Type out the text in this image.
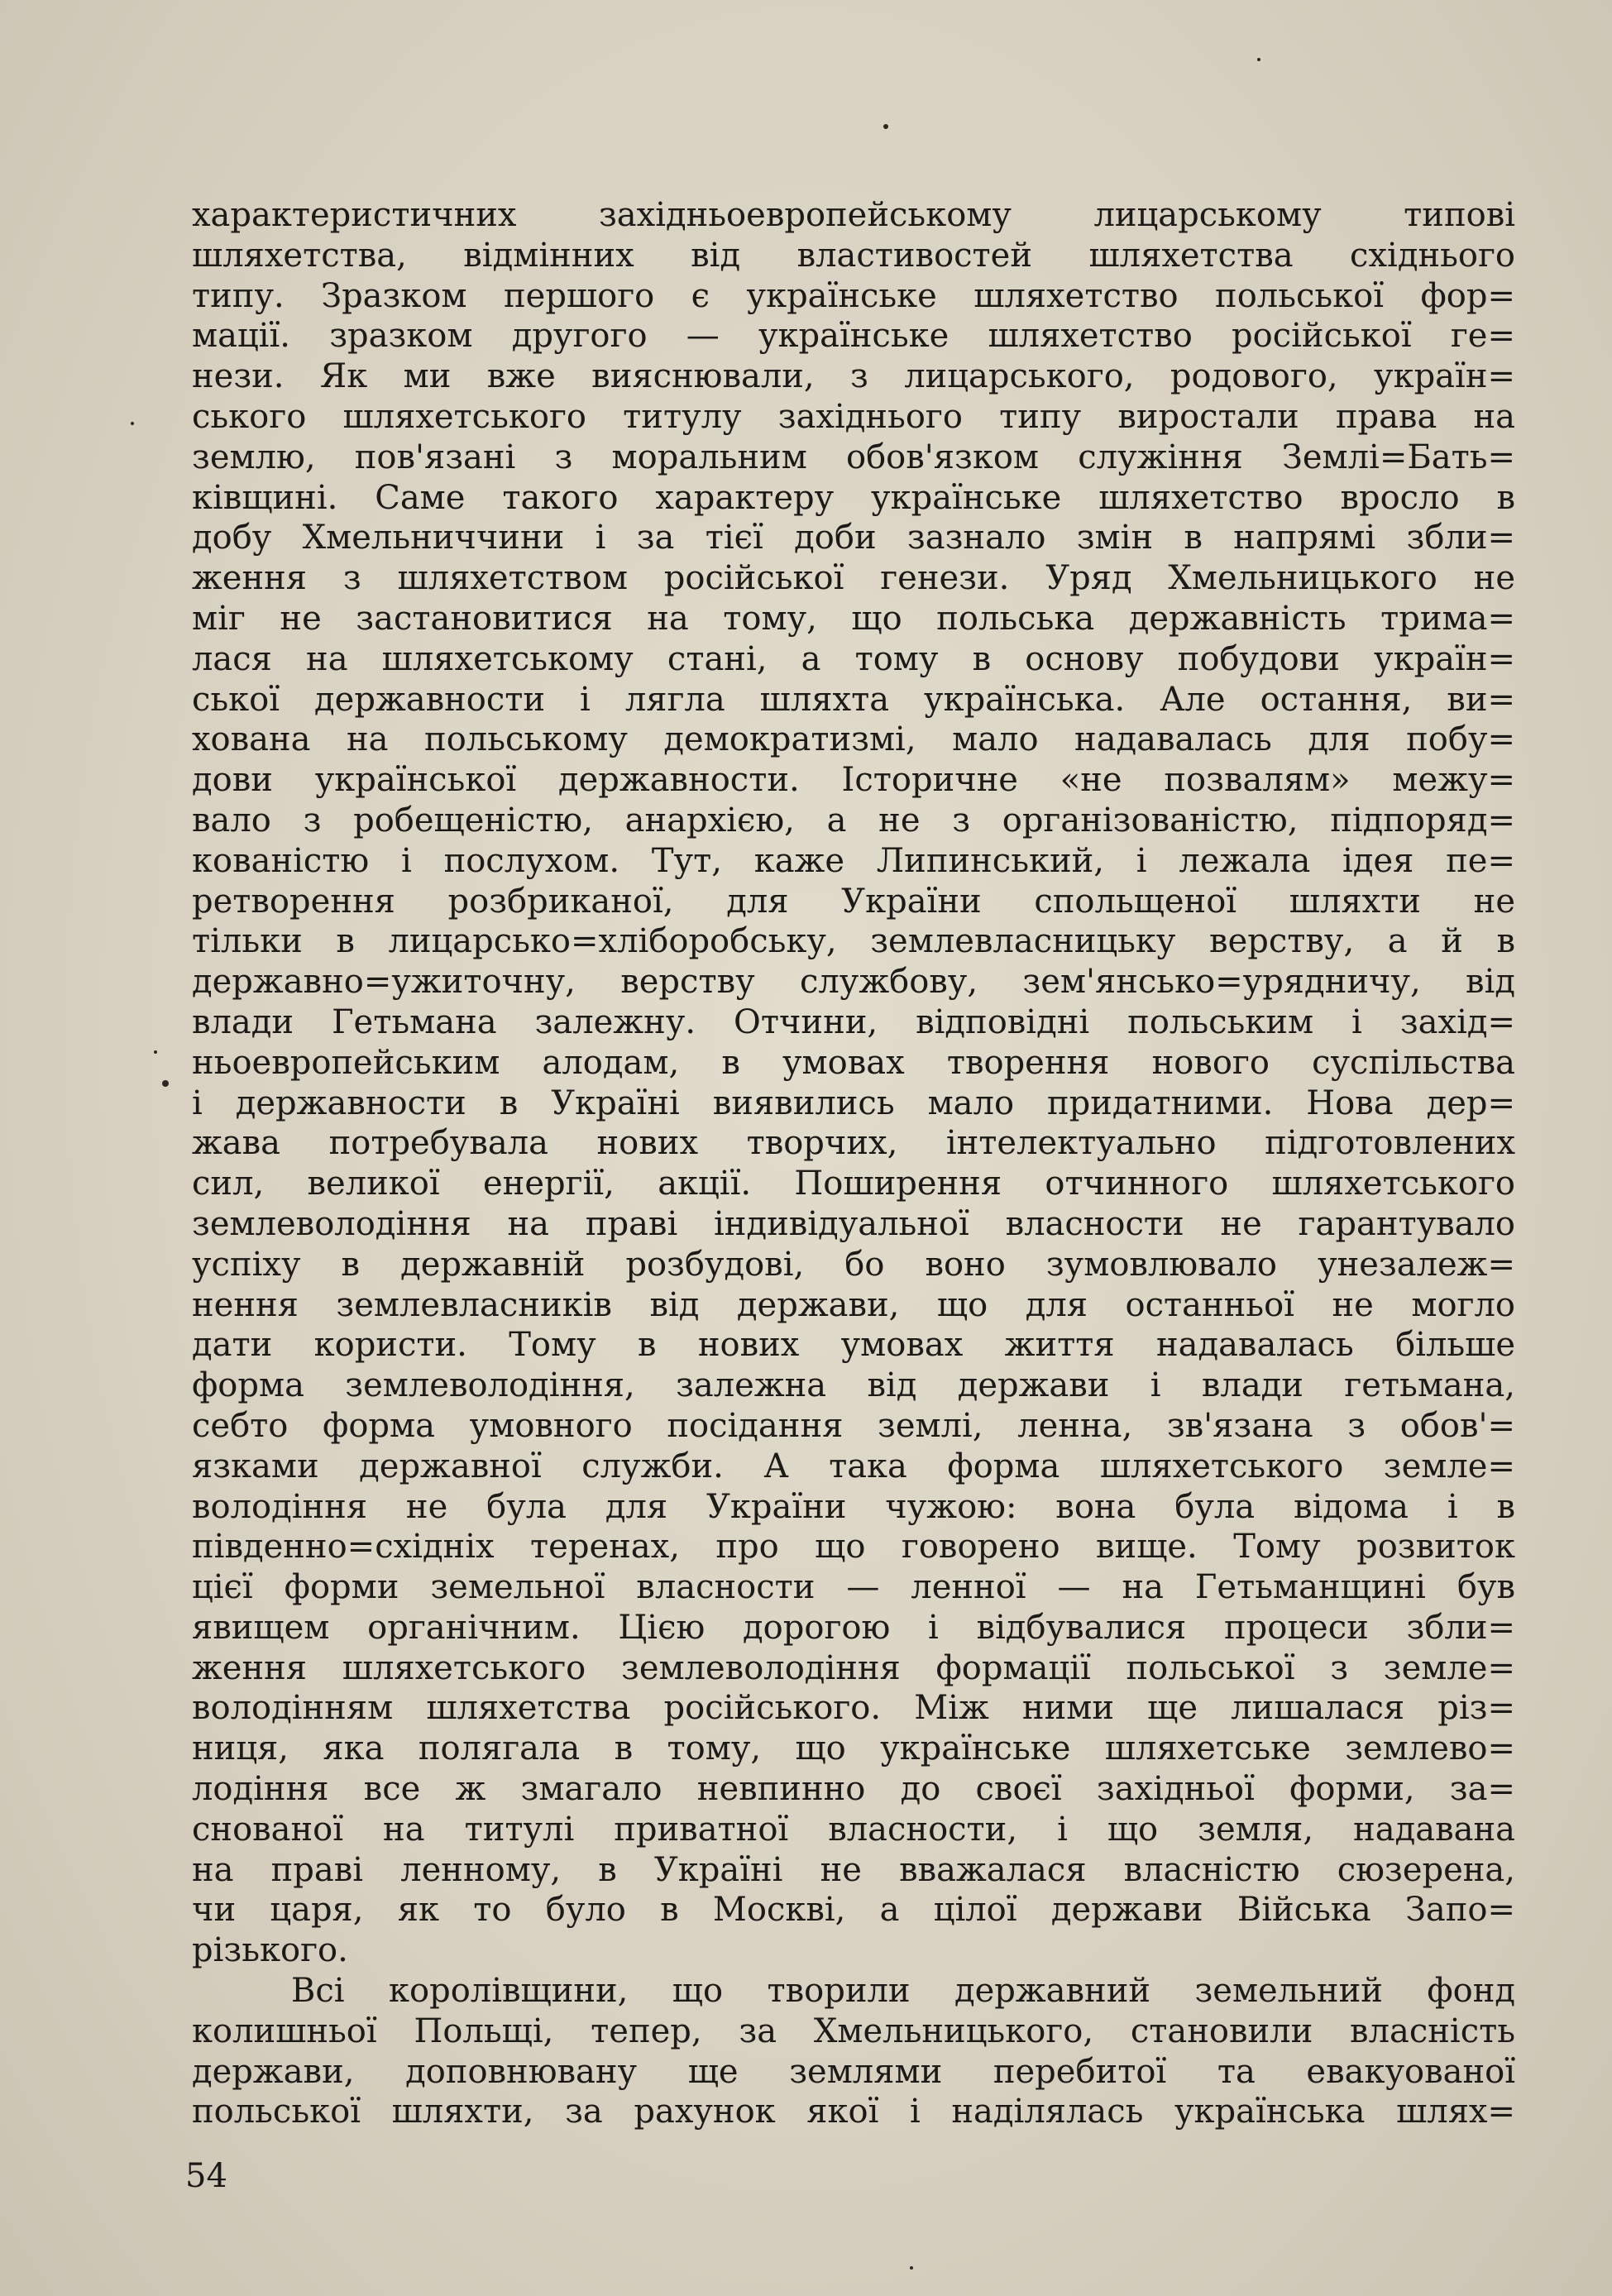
характеристичних західньоевропейському лицарському типові
шляхетства, відмінних від властивостей шляхетства східнього
типу. Зразком першого є українське шляхетство польської фор=
мації. зразком другого — українське шляхетство російської ге=
нези. Як ми вже вияснювали, з лицарського, родового, україн=
ського шляхетського титулу західнього типу виростали права на
землю, пов'язані з моральним обов'язком служіння Землі=Бать=
ківщині. Саме такого характеру українське шляхетство вросло в
добу Хмельниччини і за тієї доби зазнало змін в напрямі збли=
ження з шляхетством російської генези. Уряд Хмельницького не
міг не застановитися на тому, що польська державність трима=
лася на шляхетському стані, а тому в основу побудови україн=
ської державности і лягла шляхта українська. Але остання, ви=
хована на польському демократизмі, мало надавалась для побу=
дови української державности. Історичне «не позвалям» межу=
вало з робещеністю, анархією, а не з організованістю, підпоряд=
кованістю і послухом. Тут, каже Липинський, і лежала ідея пе=
ретворення розбриканої, для України спольщеної шляхти не
тільки в лицарсько=хліборобську, землевласницьку верству, а й в
державно=ужиточну, верству службову, зем'янсько=урядничу, від
влади Гетьмана залежну. Отчини, відповідні польським і захід=
ньоевропейським алодам, в умовах творення нового суспільства
і державности в Україні виявились мало придатними. Нова дер=
жава потребувала нових творчих, інтелектуально підготовлених
сил, великої енергії, акції. Поширення отчинного шляхетського
землеволодіння на праві індивідуальної власности не гарантувало
успіху в державній розбудові, бо воно зумовлювало унезалеж=
нення землевласників від держави, що для останньої не могло
дати користи. Тому в нових умовах життя надавалась більше
форма землеволодіння, залежна від держави і влади гетьмана,
себто форма умовного посідання землі, ленна, зв'язана з обов'=
язками державної служби. А така форма шляхетського земле=
володіння не була для України чужою: вона була відома і в
південно=східніх теренах, про що говорено вище. Тому розвиток
цієї форми земельної власности — ленної — на Гетьманщині був
явищем органічним. Цією дорогою і відбувалися процеси збли=
ження шляхетського землеволодіння формації польської з земле=
володінням шляхетства російського. Між ними ще лишалася різ=
ниця, яка полягала в тому, що українське шляхетське землево=
лодіння все ж змагало невпинно до своєї західньої форми, за=
снованої на титулі приватної власности, і що земля, надавана
на праві ленному, в Україні не вважалася власністю сюзерена,
чи царя, як то було в Москві, а цілої держави Війська Запо=
різького.
Всі королівщини, що творили державний земельний фонд
колишньої Польщі, тепер, за Хмельницького, становили власність
держави, доповнювану ще землями перебитої та евакуованої
польської шляхти, за рахунок якої і наділялась українська шлях=
54
